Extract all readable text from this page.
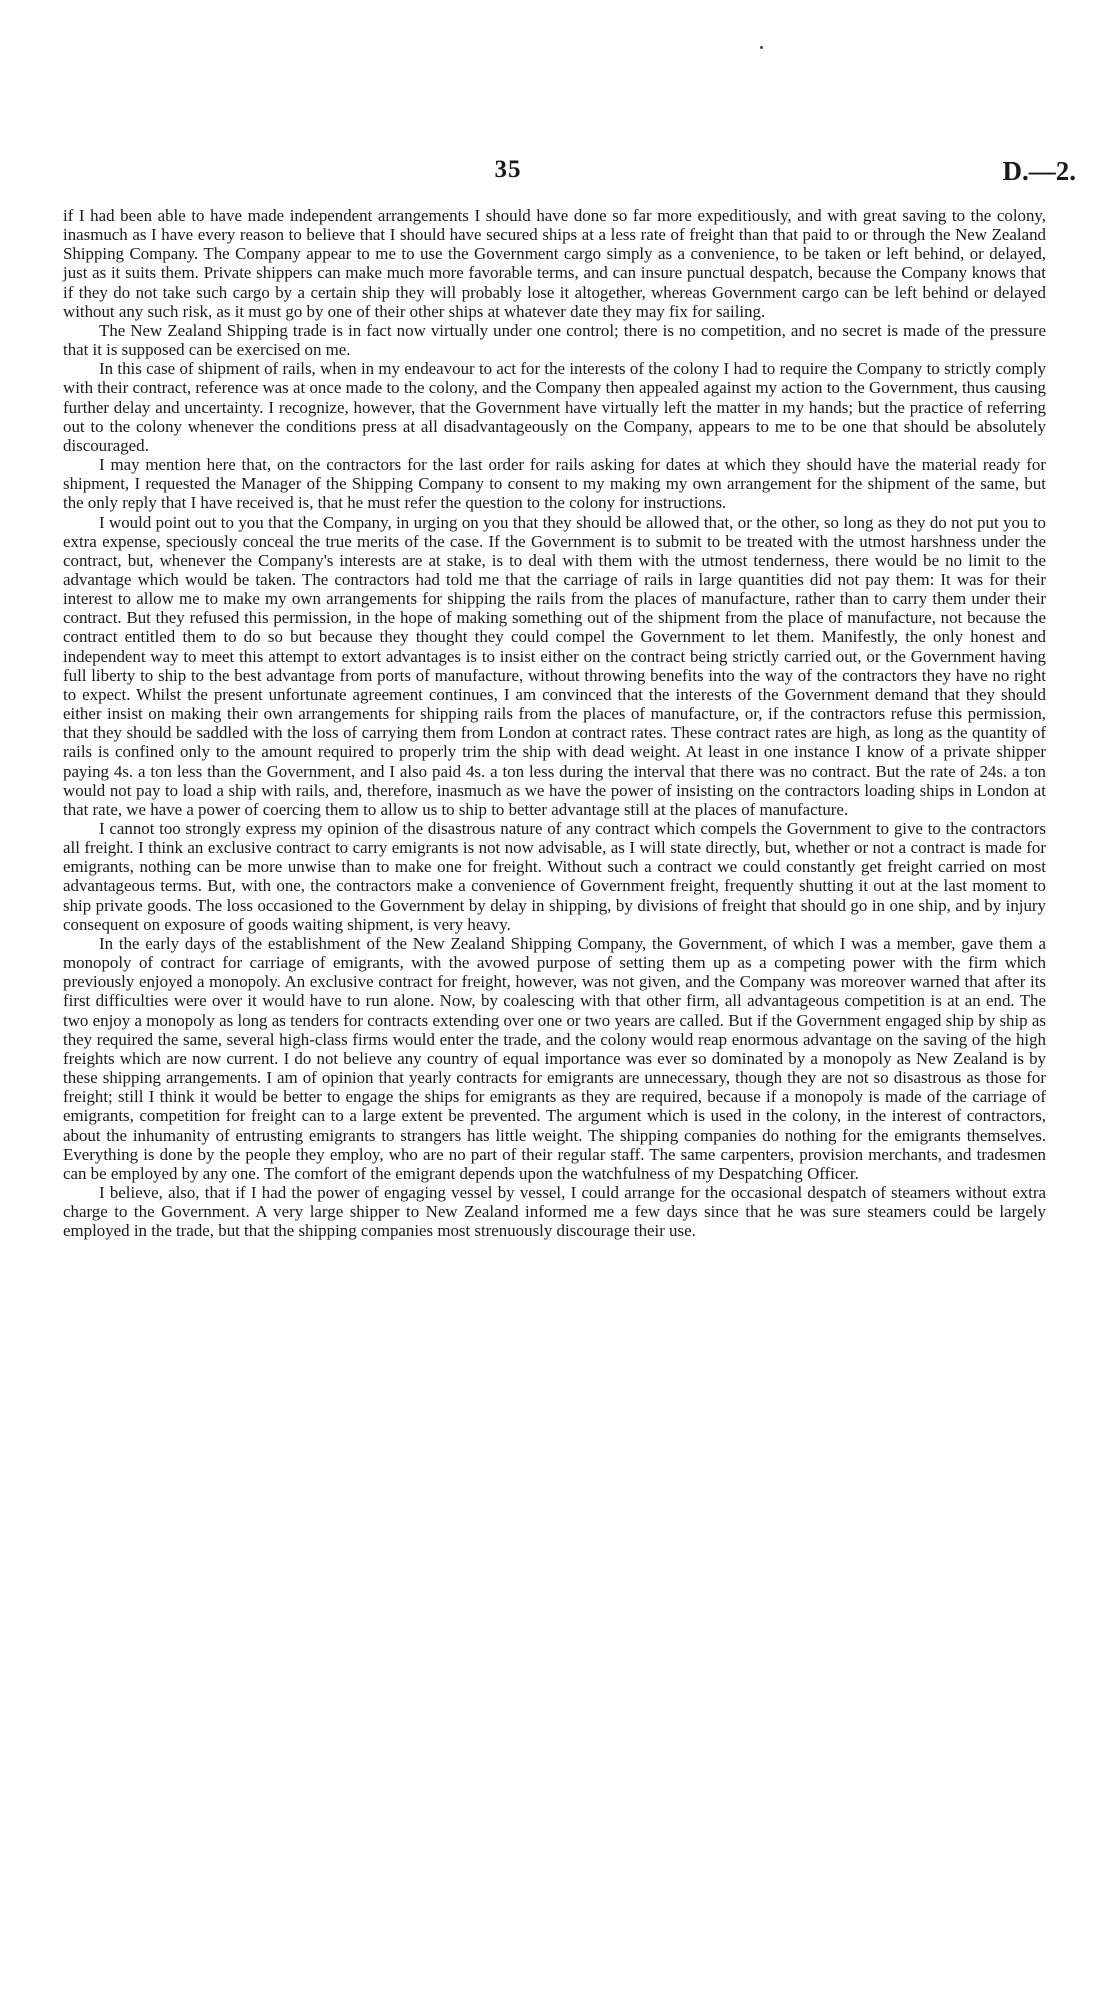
35	D.—2.

if I had been able to have made independent arrangements I should have done so far more expeditiously, and with great saving to the colony, inasmuch as I have every reason to believe that I should have secured ships at a less rate of freight than that paid to or through the New Zealand Shipping Company. The Company appear to me to use the Government cargo simply as a convenience, to be taken or left behind, or delayed, just as it suits them. Private shippers can make much more favorable terms, and can insure punctual despatch, because the Company knows that if they do not take such cargo by a certain ship they will probably lose it altogether, whereas Government cargo can be left behind or delayed without any such risk, as it must go by one of their other ships at whatever date they may fix for sailing.

The New Zealand Shipping trade is in fact now virtually under one control; there is no competition, and no secret is made of the pressure that it is supposed can be exercised on me.

In this case of shipment of rails, when in my endeavour to act for the interests of the colony I had to require the Company to strictly comply with their contract, reference was at once made to the colony, and the Company then appealed against my action to the Government, thus causing further delay and uncertainty. I recognize, however, that the Government have virtually left the matter in my hands; but the practice of referring out to the colony whenever the conditions press at all disadvantageously on the Company, appears to me to be one that should be absolutely discouraged.

I may mention here that, on the contractors for the last order for rails asking for dates at which they should have the material ready for shipment, I requested the Manager of the Shipping Company to consent to my making my own arrangement for the shipment of the same, but the only reply that I have received is, that he must refer the question to the colony for instructions.

I would point out to you that the Company, in urging on you that they should be allowed that, or the other, so long as they do not put you to extra expense, speciously conceal the true merits of the case. If the Government is to submit to be treated with the utmost harshness under the contract, but, whenever the Company's interests are at stake, is to deal with them with the utmost tenderness, there would be no limit to the advantage which would be taken. The contractors had told me that the carriage of rails in large quantities did not pay them: It was for their interest to allow me to make my own arrangements for shipping the rails from the places of manufacture, rather than to carry them under their contract. But they refused this permission, in the hope of making something out of the shipment from the place of manufacture, not because the contract entitled them to do so but because they thought they could compel the Government to let them. Manifestly, the only honest and independent way to meet this attempt to extort advantages is to insist either on the contract being strictly carried out, or the Government having full liberty to ship to the best advantage from ports of manufacture, without throwing benefits into the way of the contractors they have no right to expect. Whilst the present unfortunate agreement continues, I am convinced that the interests of the Government demand that they should either insist on making their own arrangements for shipping rails from the places of manufacture, or, if the contractors refuse this permission, that they should be saddled with the loss of carrying them from London at contract rates. These contract rates are high, as long as the quantity of rails is confined only to the amount required to properly trim the ship with dead weight. At least in one instance I know of a private shipper paying 4s. a ton less than the Government, and I also paid 4s. a ton less during the interval that there was no contract. But the rate of 24s. a ton would not pay to load a ship with rails, and, therefore, inasmuch as we have the power of insisting on the contractors loading ships in London at that rate, we have a power of coercing them to allow us to ship to better advantage still at the places of manufacture.

I cannot too strongly express my opinion of the disastrous nature of any contract which compels the Government to give to the contractors all freight. I think an exclusive contract to carry emigrants is not now advisable, as I will state directly, but, whether or not a contract is made for emigrants, nothing can be more unwise than to make one for freight. Without such a contract we could constantly get freight carried on most advantageous terms. But, with one, the contractors make a convenience of Government freight, frequently shutting it out at the last moment to ship private goods. The loss occasioned to the Government by delay in shipping, by divisions of freight that should go in one ship, and by injury consequent on exposure of goods waiting shipment, is very heavy.

In the early days of the establishment of the New Zealand Shipping Company, the Government, of which I was a member, gave them a monopoly of contract for carriage of emigrants, with the avowed purpose of setting them up as a competing power with the firm which previously enjoyed a monopoly. An exclusive contract for freight, however, was not given, and the Company was moreover warned that after its first difficulties were over it would have to run alone. Now, by coalescing with that other firm, all advantageous competition is at an end. The two enjoy a monopoly as long as tenders for contracts extending over one or two years are called. But if the Government engaged ship by ship as they required the same, several high-class firms would enter the trade, and the colony would reap enormous advantage on the saving of the high freights which are now current. I do not believe any country of equal importance was ever so dominated by a monopoly as New Zealand is by these shipping arrangements. I am of opinion that yearly contracts for emigrants are unnecessary, though they are not so disastrous as those for freight; still I think it would be better to engage the ships for emigrants as they are required, because if a monopoly is made of the carriage of emigrants, competition for freight can to a large extent be prevented. The argument which is used in the colony, in the interest of contractors, about the inhumanity of entrusting emigrants to strangers has little weight. The shipping companies do nothing for the emigrants themselves. Everything is done by the people they employ, who are no part of their regular staff. The same carpenters, provision merchants, and tradesmen can be employed by any one. The comfort of the emigrant depends upon the watchfulness of my Despatching Officer.

I believe, also, that if I had the power of engaging vessel by vessel, I could arrange for the occasional despatch of steamers without extra charge to the Government. A very large shipper to New Zealand informed me a few days since that he was sure steamers could be largely employed in the trade, but that the shipping companies most strenuously discourage their use.
